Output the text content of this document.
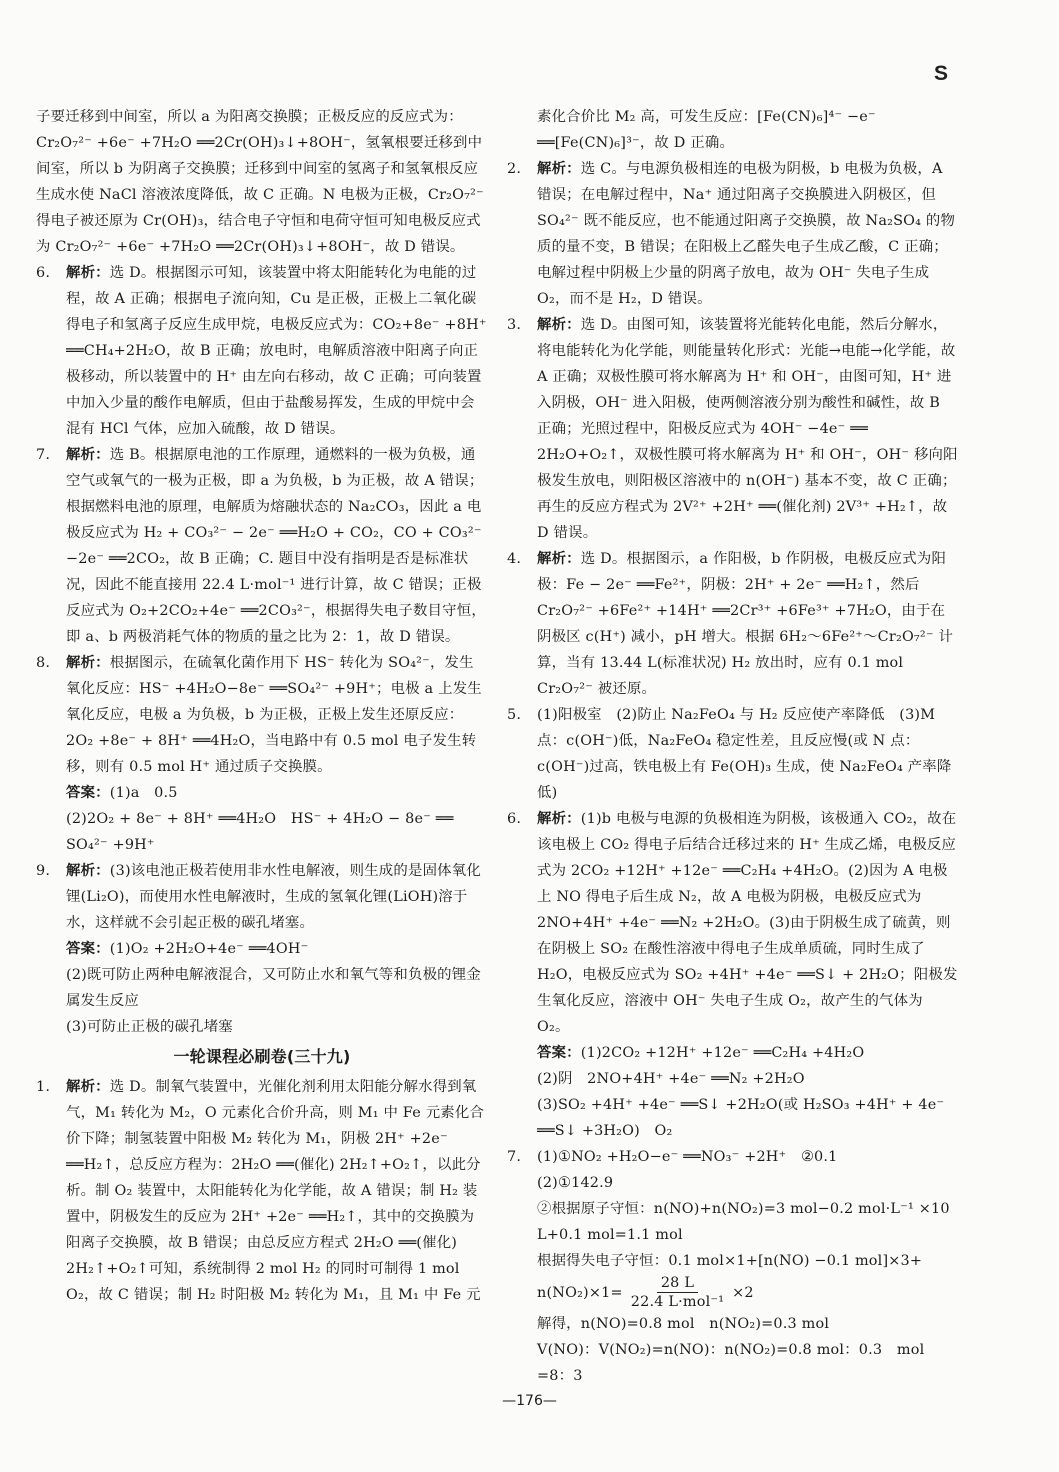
S

子要迁移到中间室，所以 a 为阳离交换膜；正极反应的反应式为：Cr₂O₇²⁻ +6e⁻ +7H₂O ══2Cr(OH)₃↓+8OH⁻，氢氧根要迁移到中间室，所以 b 为阴离子交换膜；迁移到中间室的氢离子和氢氧根反应生成水使 NaCl 溶液浓度降低，故 C 正确。N 电极为正极，Cr₂O₇²⁻ 得电子被还原为 Cr(OH)₃，结合电子守恒和电荷守恒可知电极反应式为 Cr₂O₇²⁻ +6e⁻ +7H₂O ══2Cr(OH)₃↓+8OH⁻，故 D 错误。

6.	解析：选 D。根据图示可知，该装置中将太阳能转化为电能的过程，故 A 正确；根据电子流向知，Cu 是正极，正极上二氧化碳得电子和氢离子反应生成甲烷，电极反应式为：CO₂+8e⁻ +8H⁺ ══CH₄+2H₂O，故 B 正确；放电时，电解质溶液中阳离子向正极移动，所以装置中的 H⁺ 由左向右移动，故 C 正确；可向装置中加入少量的酸作电解质，但由于盐酸易挥发，生成的甲烷中会混有 HCl 气体，应加入硫酸，故 D 错误。

7.	解析：选 B。根据原电池的工作原理，通燃料的一极为负极，通空气或氧气的一极为正极，即 a 为负极，b 为正极，故 A 错误；根据燃料电池的原理，电解质为熔融状态的 Na₂CO₃，因此 a 电极反应式为 H₂ + CO₃²⁻ − 2e⁻ ══H₂O + CO₂，CO + CO₃²⁻ −2e⁻ ══2CO₂，故 B 正确；C. 题目中没有指明是否是标准状况，因此不能直接用 22.4 L·mol⁻¹ 进行计算，故 C 错误；正极反应式为 O₂+2CO₂+4e⁻ ══2CO₃²⁻，根据得失电子数目守恒，即 a、b 两极消耗气体的物质的量之比为 2：1，故 D 错误。

8.	解析：根据图示，在硫氧化菌作用下 HS⁻ 转化为 SO₄²⁻，发生氧化反应：HS⁻ +4H₂O−8e⁻ ══SO₄²⁻ +9H⁺；电极 a 上发生氧化反应，电极 a 为负极，b 为正极，正极上发生还原反应：2O₂ +8e⁻ + 8H⁺ ══4H₂O，当电路中有 0.5 mol 电子发生转移，则有 0.5 mol H⁺ 通过质子交换膜。

答案：(1)a　0.5

(2)2O₂ + 8e⁻ + 8H⁺ ══4H₂O　HS⁻ + 4H₂O − 8e⁻ ══ SO₄²⁻ +9H⁺

9.	解析：(3)该电池正极若使用非水性电解液，则生成的是固体氧化锂(Li₂O)，而使用水性电解液时，生成的氢氧化锂(LiOH)溶于水，这样就不会引起正极的碳孔堵塞。

答案：(1)O₂ +2H₂O+4e⁻ ══4OH⁻

(2)既可防止两种电解液混合，又可防止水和氧气等和负极的锂金属发生反应

(3)可防止正极的碳孔堵塞

一轮课程必刷卷(三十九)

1.	解析：选 D。制氧气装置中，光催化剂利用太阳能分解水得到氧气，M₁ 转化为 M₂，O 元素化合价升高，则 M₁ 中 Fe 元素化合价下降；制氢装置中阳极 M₂ 转化为 M₁，阴极 2H⁺ +2e⁻ ══H₂↑，总反应方程为：2H₂O ══(催化) 2H₂↑+O₂↑，以此分析。制 O₂ 装置中，太阳能转化为化学能，故 A 错误；制 H₂ 装置中，阴极发生的反应为 2H⁺ +2e⁻ ══H₂↑，其中的交换膜为阳离子交换膜，故 B 错误；由总反应方程式 2H₂O ══(催化) 2H₂↑+O₂↑可知，系统制得 2 mol H₂ 的同时可制得 1 mol O₂，故 C 错误；制 H₂ 时阳极 M₂ 转化为 M₁，且 M₁ 中 Fe 元

素化合价比 M₂ 高，可发生反应：[Fe(CN)₆]⁴⁻ −e⁻ ══[Fe(CN)₆]³⁻，故 D 正确。

2.	解析：选 C。与电源负极相连的电极为阴极，b 电极为负极，A 错误；在电解过程中，Na⁺ 通过阳离子交换膜进入阴极区，但 SO₄²⁻ 既不能反应，也不能通过阳离子交换膜，故 Na₂SO₄ 的物质的量不变，B 错误；在阳极上乙醛失电子生成乙酸，C 正确；电解过程中阴极上少量的阴离子放电，故为 OH⁻ 失电子生成 O₂，而不是 H₂，D 错误。

3.	解析：选 D。由图可知，该装置将光能转化电能，然后分解水，将电能转化为化学能，则能量转化形式：光能→电能→化学能，故 A 正确；双极性膜可将水解离为 H⁺ 和 OH⁻，由图可知，H⁺ 进入阴极，OH⁻ 进入阳极，使两侧溶液分别为酸性和碱性，故 B 正确；光照过程中，阳极反应式为 4OH⁻ −4e⁻ ══ 2H₂O+O₂↑，双极性膜可将水解离为 H⁺ 和 OH⁻，OH⁻ 移向阳极发生放电，则阳极区溶液中的 n(OH⁻) 基本不变，故 C 正确；再生的反应方程式为 2V²⁺ +2H⁺ ══(催化剂) 2V³⁺ +H₂↑，故 D 错误。

4.	解析：选 D。根据图示，a 作阳极，b 作阴极，电极反应式为阳极：Fe − 2e⁻ ══Fe²⁺，阴极：2H⁺ + 2e⁻ ══H₂↑，然后 Cr₂O₇²⁻ +6Fe²⁺ +14H⁺ ══2Cr³⁺ +6Fe³⁺ +7H₂O，由于在阴极区 c(H⁺) 减小，pH 增大。根据 6H₂～6Fe²⁺～Cr₂O₇²⁻ 计算，当有 13.44 L(标准状况) H₂ 放出时，应有 0.1 mol Cr₂O₇²⁻ 被还原。

5.	(1)阳极室　(2)防止 Na₂FeO₄ 与 H₂ 反应使产率降低　(3)M 点：c(OH⁻)低，Na₂FeO₄ 稳定性差，且反应慢(或 N 点：c(OH⁻)过高，铁电极上有 Fe(OH)₃ 生成，使 Na₂FeO₄ 产率降低)

6.	解析：(1)b 电极与电源的负极相连为阴极，该极通入 CO₂，故在该电极上 CO₂ 得电子后结合迁移过来的 H⁺ 生成乙烯，电极反应式为 2CO₂ +12H⁺ +12e⁻ ══C₂H₄ +4H₂O。(2)因为 A 电极上 NO 得电子后生成 N₂，故 A 电极为阴极，电极反应式为 2NO+4H⁺ +4e⁻ ══N₂ +2H₂O。(3)由于阴极生成了硫黄，则在阴极上 SO₂ 在酸性溶液中得电子生成单质硫，同时生成了 H₂O，电极反应式为 SO₂ +4H⁺ +4e⁻ ══S↓ + 2H₂O；阳极发生氧化反应，溶液中 OH⁻ 失电子生成 O₂，故产生的气体为 O₂。

答案：(1)2CO₂ +12H⁺ +12e⁻ ══C₂H₄ +4H₂O

(2)阴　2NO+4H⁺ +4e⁻ ══N₂ +2H₂O

(3)SO₂ +4H⁺ +4e⁻ ══S↓ +2H₂O(或 H₂SO₃ +4H⁺ + 4e⁻ ══S↓ +3H₂O)　O₂

7.	(1)①NO₂ +H₂O−e⁻ ══NO₃⁻ +2H⁺　②0.1

(2)①142.9

②根据原子守恒：n(NO)+n(NO₂)=3 mol−0.2 mol·L⁻¹ ×10 L+0.1 mol=1.1 mol

根据得失电子守恒：0.1 mol×1+[n(NO) −0.1 mol]×3+

$n(NO_2)\times 1= \frac{28 L}{\text{22.4 L·mol⁻¹}} \times 2$

解得，n(NO)=0.8 mol　n(NO₂)=0.3 mol

V(NO)：V(NO₂)=n(NO)：n(NO₂)=0.8 mol：0.3　mol

=8：3

—176—
